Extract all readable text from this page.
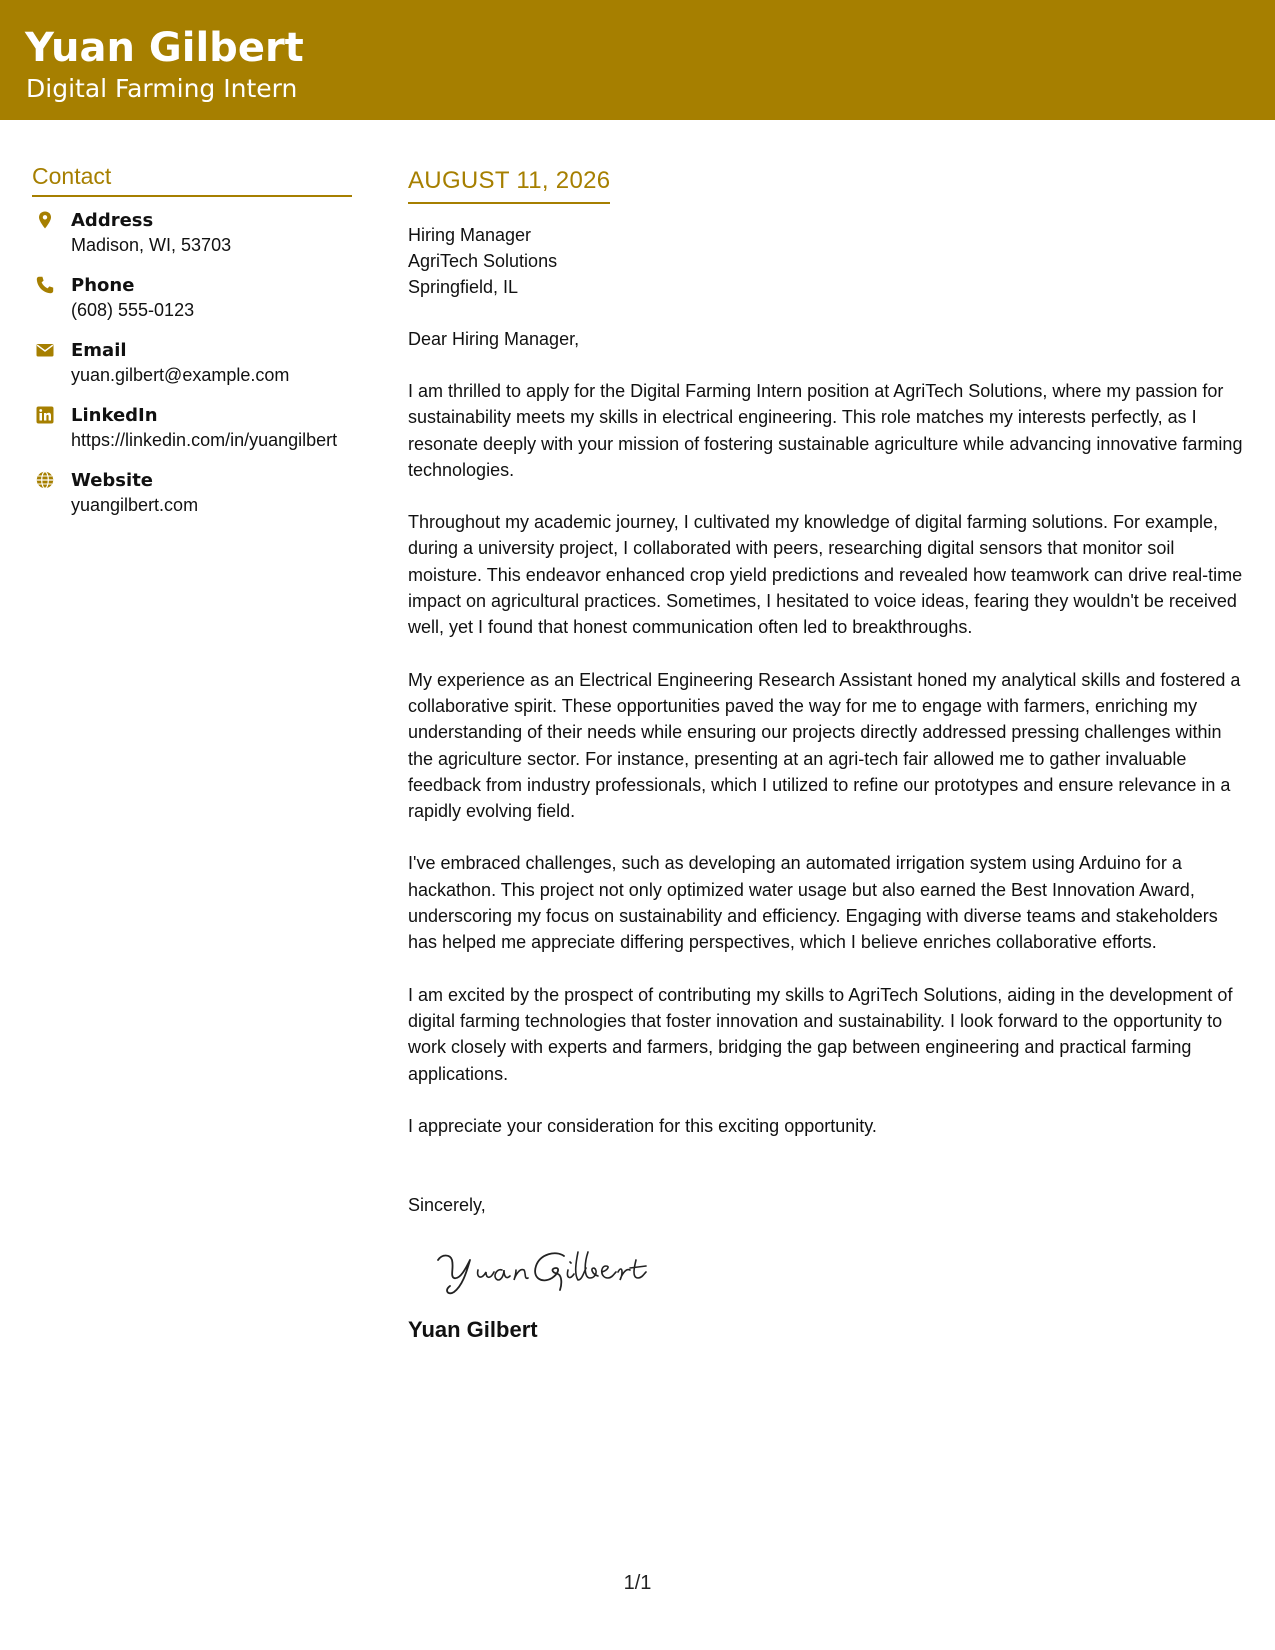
Yuan Gilbert
Digital Farming Intern
Contact
Address
Madison, WI, 53703
Phone
(608) 555-0123
Email
yuan.gilbert@example.com
LinkedIn
https://linkedin.com/in/yuangilbert
Website
yuangilbert.com
AUGUST 11, 2026
Hiring Manager
AgriTech Solutions
Springfield, IL
Dear Hiring Manager,
I am thrilled to apply for the Digital Farming Intern position at AgriTech Solutions, where my passion for sustainability meets my skills in electrical engineering. This role matches my interests perfectly, as I resonate deeply with your mission of fostering sustainable agriculture while advancing innovative farming technologies.
Throughout my academic journey, I cultivated my knowledge of digital farming solutions. For example, during a university project, I collaborated with peers, researching digital sensors that monitor soil moisture. This endeavor enhanced crop yield predictions and revealed how teamwork can drive real-time impact on agricultural practices. Sometimes, I hesitated to voice ideas, fearing they wouldn't be received well, yet I found that honest communication often led to breakthroughs.
My experience as an Electrical Engineering Research Assistant honed my analytical skills and fostered a collaborative spirit. These opportunities paved the way for me to engage with farmers, enriching my understanding of their needs while ensuring our projects directly addressed pressing challenges within the agriculture sector. For instance, presenting at an agri-tech fair allowed me to gather invaluable feedback from industry professionals, which I utilized to refine our prototypes and ensure relevance in a rapidly evolving field.
I've embraced challenges, such as developing an automated irrigation system using Arduino for a hackathon. This project not only optimized water usage but also earned the Best Innovation Award, underscoring my focus on sustainability and efficiency. Engaging with diverse teams and stakeholders has helped me appreciate differing perspectives, which I believe enriches collaborative efforts.
I am excited by the prospect of contributing my skills to AgriTech Solutions, aiding in the development of digital farming technologies that foster innovation and sustainability. I look forward to the opportunity to work closely with experts and farmers, bridging the gap between engineering and practical farming applications.
I appreciate your consideration for this exciting opportunity.
Sincerely,
Yuan Gilbert
1/1
